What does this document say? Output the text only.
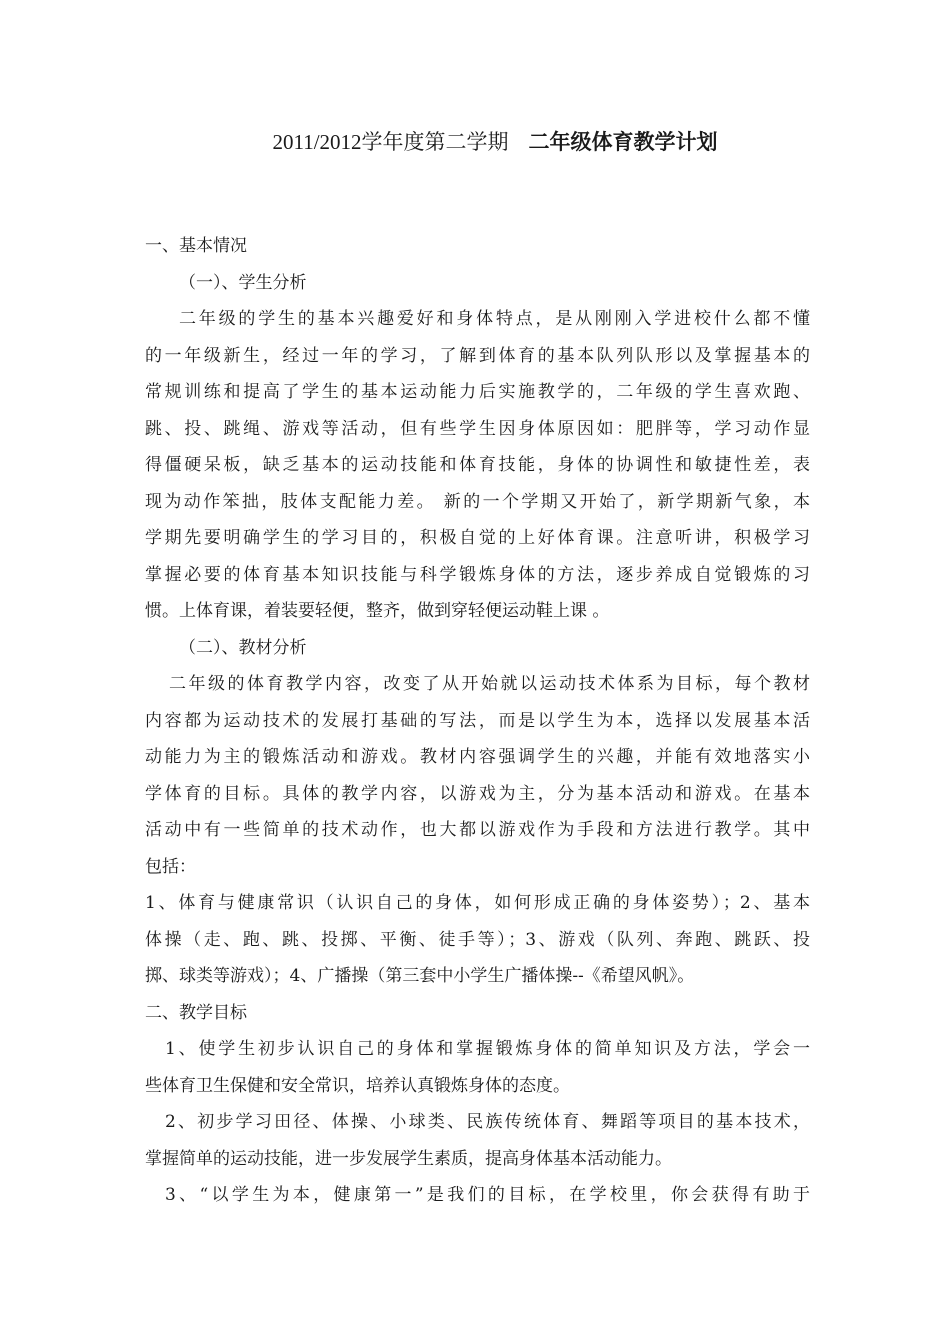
2011/2012学年度第二学期 二年级体育教学计划
一、基本情况
（一）、学生分析
二年级的学生的基本兴趣爱好和身体特点，是从刚刚入学进校什么都不懂
的一年级新生，经过一年的学习，了解到体育的基本队列队形以及掌握基本的
常规训练和提高了学生的基本运动能力后实施教学的，二年级的学生喜欢跑、
跳、投、跳绳、游戏等活动，但有些学生因身体原因如：肥胖等，学习动作显
得僵硬呆板，缺乏基本的运动技能和体育技能，身体的协调性和敏捷性差，表
现为动作笨拙，肢体支配能力差。 新的一个学期又开始了，新学期新气象，本
学期先要明确学生的学习目的，积极自觉的上好体育课。注意听讲，积极学习
掌握必要的体育基本知识技能与科学锻炼身体的方法，逐步养成自觉锻炼的习
惯。上体育课，着装要轻便，整齐，做到穿轻便运动鞋上课 。
（二）、教材分析
二年级的体育教学内容，改变了从开始就以运动技术体系为目标，每个教材
内容都为运动技术的发展打基础的写法，而是以学生为本，选择以发展基本活
动能力为主的锻炼活动和游戏。教材内容强调学生的兴趣，并能有效地落实小
学体育的目标。具体的教学内容，以游戏为主，分为基本活动和游戏。在基本
活动中有一些简单的技术动作，也大都以游戏作为手段和方法进行教学。其中
包括：
1、体育与健康常识（认识自己的身体，如何形成正确的身体姿势）；2、基本
体操（走、跑、跳、投掷、平衡、徒手等）；3、游戏（队列、奔跑、跳跃、投
掷、球类等游戏）；4、广播操（第三套中小学生广播体操--《希望风帆》。
二、教学目标
1、使学生初步认识自己的身体和掌握锻炼身体的简单知识及方法，学会一
些体育卫生保健和安全常识，培养认真锻炼身体的态度。
2、初步学习田径、体操、小球类、民族传统体育、舞蹈等项目的基本技术，
掌握简单的运动技能，进一步发展学生素质，提高身体基本活动能力。
3、“以学生为本，健康第一”是我们的目标，在学校里，你会获得有助于
